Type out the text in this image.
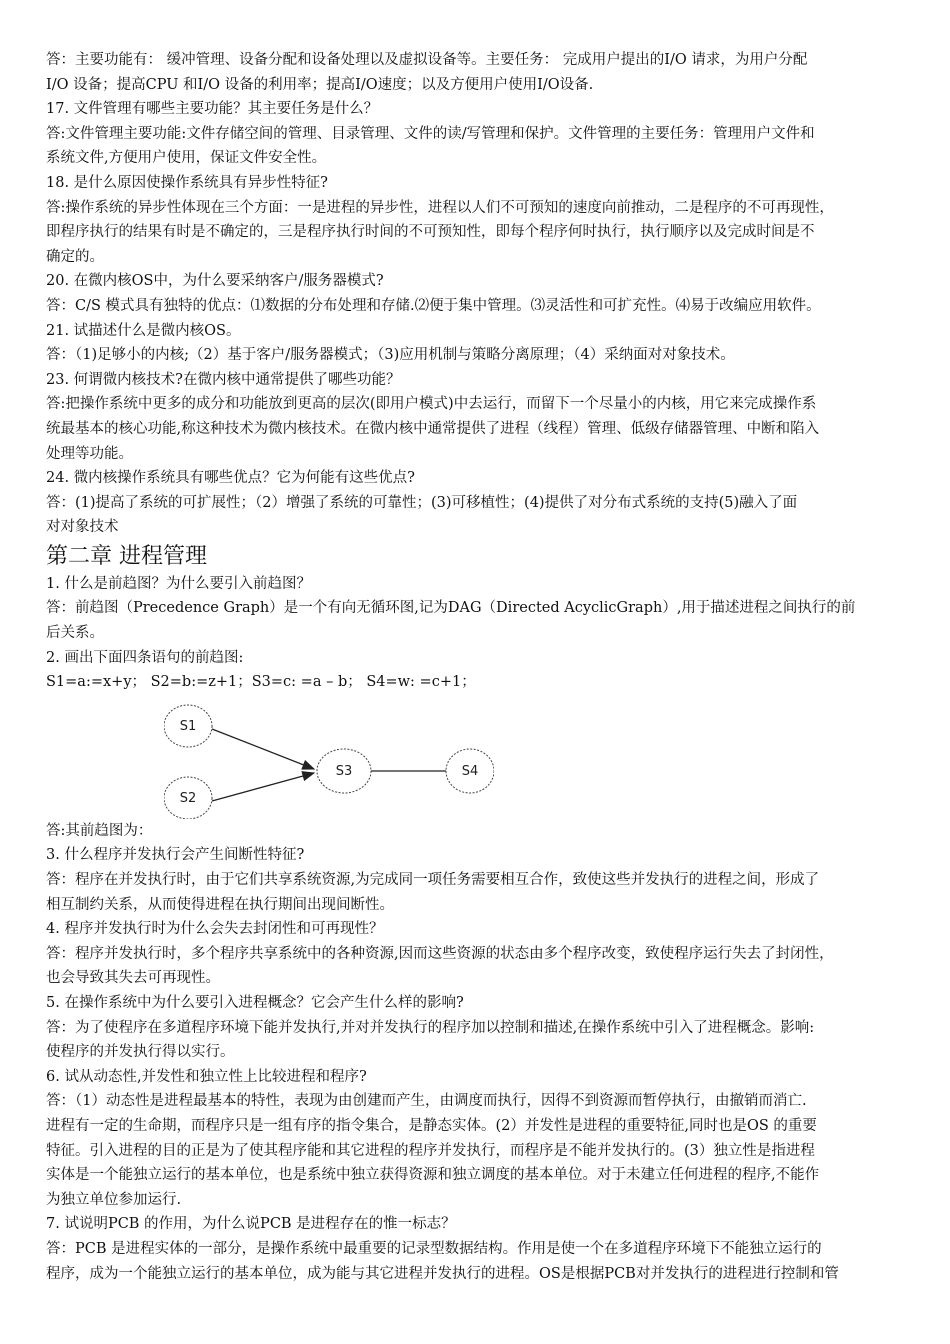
答：主要功能有： 缓冲管理、设备分配和设备处理以及虚拟设备等。主要任务： 完成用户提出的I/O 请求，为用户分配
I/O 设备；提高CPU 和I/O 设备的利用率；提高I/O速度；以及方便用户使用I/O设备.
17. 文件管理有哪些主要功能？其主要任务是什么？
答:文件管理主要功能:文件存储空间的管理、目录管理、文件的读/写管理和保护。文件管理的主要任务：管理用户文件和
系统文件,方便用户使用，保证文件安全性。
18. 是什么原因使操作系统具有异步性特征?
答:操作系统的异步性体现在三个方面：一是进程的异步性，进程以人们不可预知的速度向前推动，二是程序的不可再现性，
即程序执行的结果有时是不确定的，三是程序执行时间的不可预知性，即每个程序何时执行，执行顺序以及完成时间是不
确定的。
20. 在微内核OS中，为什么要采纳客户/服务器模式?
答：C/S 模式具有独特的优点：⑴数据的分布处理和存储.⑵便于集中管理。⑶灵活性和可扩充性。⑷易于改编应用软件。
21. 试描述什么是微内核OS。
答：（1)足够小的内核;（2）基于客户/服务器模式；（3)应用机制与策略分离原理；（4）采纳面对对象技术。
23. 何谓微内核技术?在微内核中通常提供了哪些功能？
答:把操作系统中更多的成分和功能放到更高的层次(即用户模式)中去运行，而留下一个尽量小的内核，用它来完成操作系
统最基本的核心功能,称这种技术为微内核技术。在微内核中通常提供了进程（线程）管理、低级存储器管理、中断和陷入
处理等功能。
24. 微内核操作系统具有哪些优点？它为何能有这些优点?
答：(1)提高了系统的可扩展性；（2）增强了系统的可靠性；(3)可移植性；(4)提供了对分布式系统的支持(5)融入了面
对对象技术
第二章 进程管理
1. 什么是前趋图？为什么要引入前趋图？
答：前趋图（Precedence Graph）是一个有向无循环图,记为DAG（Directed AcyclicGraph）,用于描述进程之间执行的前
后关系。
2. 画出下面四条语句的前趋图:
S1=a:=x+y； S2=b:=z+1；S3=c: =a – b； S4=w: =c+1；
S1
S2
S3	S4
答:其前趋图为：
3. 什么程序并发执行会产生间断性特征?
答：程序在并发执行时，由于它们共享系统资源,为完成同一项任务需要相互合作，致使这些并发执行的进程之间，形成了
相互制约关系，从而使得进程在执行期间出现间断性。
4. 程序并发执行时为什么会失去封闭性和可再现性？
答：程序并发执行时，多个程序共享系统中的各种资源,因而这些资源的状态由多个程序改变，致使程序运行失去了封闭性，
也会导致其失去可再现性。
5. 在操作系统中为什么要引入进程概念？它会产生什么样的影响?
答：为了使程序在多道程序环境下能并发执行,并对并发执行的程序加以控制和描述,在操作系统中引入了进程概念。影响:
使程序的并发执行得以实行。
6. 试从动态性,并发性和独立性上比较进程和程序?
答：（1）动态性是进程最基本的特性，表现为由创建而产生，由调度而执行，因得不到资源而暂停执行，由撤销而消亡.
进程有一定的生命期，而程序只是一组有序的指令集合，是静态实体。(2）并发性是进程的重要特征,同时也是OS 的重要
特征。引入进程的目的正是为了使其程序能和其它进程的程序并发执行，而程序是不能并发执行的。(3）独立性是指进程
实体是一个能独立运行的基本单位，也是系统中独立获得资源和独立调度的基本单位。对于未建立任何进程的程序,不能作
为独立单位参加运行.
7. 试说明PCB 的作用，为什么说PCB 是进程存在的惟一标志？
答：PCB 是进程实体的一部分，是操作系统中最重要的记录型数据结构。作用是使一个在多道程序环境下不能独立运行的
程序，成为一个能独立运行的基本单位，成为能与其它进程并发执行的进程。OS是根据PCB对并发执行的进程进行控制和管
